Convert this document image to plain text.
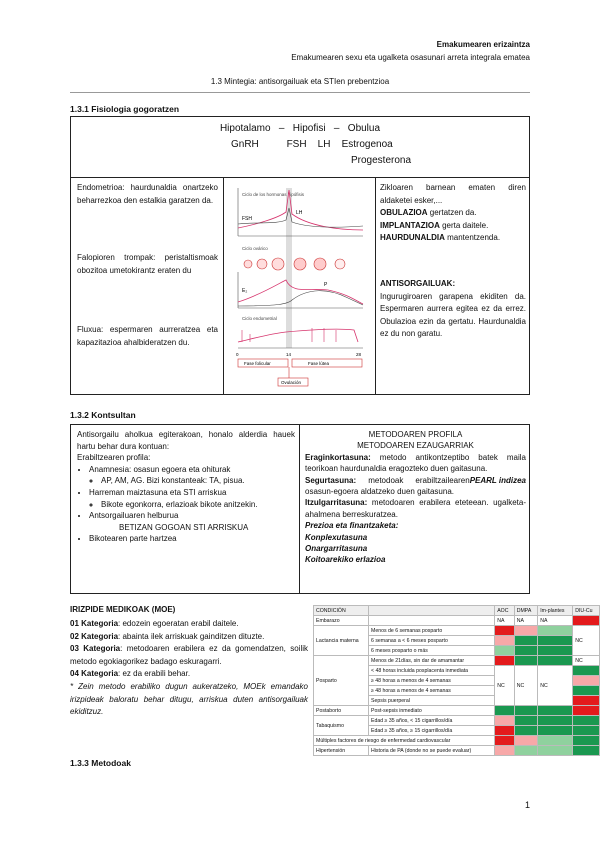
Emakumearen erizaintza
Emakumearen sexu eta ugalketa osasunari arreta integrala ematea
1.3 Mintegia: antisorgailuak eta STIen prebentzioa
1.3.1 Fisiologia gogoratzen
Hipotalamo   –   Hipofisi   –   Obulua
GnRH          FSH    LH    Estrogenoa
Progesterona
Endometrioa: haurdunaldia onartzeko beharrezkoa den estalkia garatzen da.
Falopioren trompak: peristaltismoak obozitoa umetokirantz eraten du
Fluxua: espermaren aurreratzea eta kapazitazioa ahalbideratzen du.
Ciclo de los hormonas hipófisis
FSH
LH
Ciclo ovárico
E₂
P
Ciclo endometrial
0	14	28
Fase folicular	Fase lútea
Ovulación
Zikloaren barnean ematen diren aldaketei esker,...
OBULAZIOA gertatzen da.
IMPLANTAZIOA gerta daitele.
HAURDUNALDIA mantentzenda.
ANTISORGAILUAK:
Ingurugiroaren garapena ekiditen da. Espermaren aurrera egitea ez da errez. Obulazioa ezin da gertatu. Haurdunaldia ez du non garatu.
1.3.2 Kontsultan
Antisorgailu aholkua egiterakoan, honalo alderdia hauek hartu behar dura kontuan:
Erabiltzearen profila:
• Anamnesia: osasun egoera eta ohiturak
◦ AP, AM, AG. Bizi konstanteak: TA, pisua.
• Harreman maiztasuna eta STI arriskua
◦ Bikote egonkorra, erlazioak bikote anitzekin.
• Antsorgailuaren helburua
BETIZAN GOGOAN STI ARRISKUA
• Bikotearen parte hartzea
METODOAREN PROFILA
METODOAREN EZAUGARRIAK
Eraginkortasuna: metodo antikontzeptibo batek maila teorikoan haurdunaldia eragozteko duen gaitasuna.
PEARL indizea

Segurtasuna: metodoak erabiltzailearen osasun-egoera aldatzeko duen gaitasuna.
Itzulgarritasuna: metodoaren erabilera eteteean. ugalketa-ahalmena berreskuratzea.
Prezioa eta finantzaketa:
Konplexutasuna
Onargarritasuna
Koitoarekiko erlazioa
IRIZPIDE MEDIKOAK (MOE)
01 Kategoria: edozein egoeratan erabil daitele.
02 Kategoria: abainta ilek arriskuak gainditzen dituzte.
03 Kategoria: metodoaren erabilera ez da gomendatzen, soilik metodo egokiagorikez badago eskuragarri.
04 Kategoria: ez da erabili behar.
* Zein metodo erabiliko dugun aukeratzeko, MOEk emandako irizpideak baloratu behar ditugu, arriskua duten antisorgailuak ekiditzuz.
CONDICIÓN		AOC	DMPA	Im-plantes	DIU-Cu
Embarazo		NA	NA	NA	
Lactancia materna	Menos de 6 semanas posparto				NC
	6 semanas a < 6 meses posparto				
	6 meses posparto o más				
Posparto	Menos de 21días, sin dar de amamantar				NC
	< 48 horas incluida posplacenta inmediata	NC	NC	NC	
	≥ 48 horas a menos de 4 semanas				
	≥ 48 horas a menos de 4 semanas				
	Sepsis puerperal				
Postaborto	Post-sepsis inmediato				
Tabaquismo	Edad ≥ 35 años, < 15 cigarrillos/día				
	Edad ≥ 35 años, ≥ 15 cigarrillos/día				
Múltiples factores de riesgo de enfermedad cardiovascular					
Hipertensión	Historia de PA (donde no se puede evaluar)				
1.3.3 Metodoak
1
